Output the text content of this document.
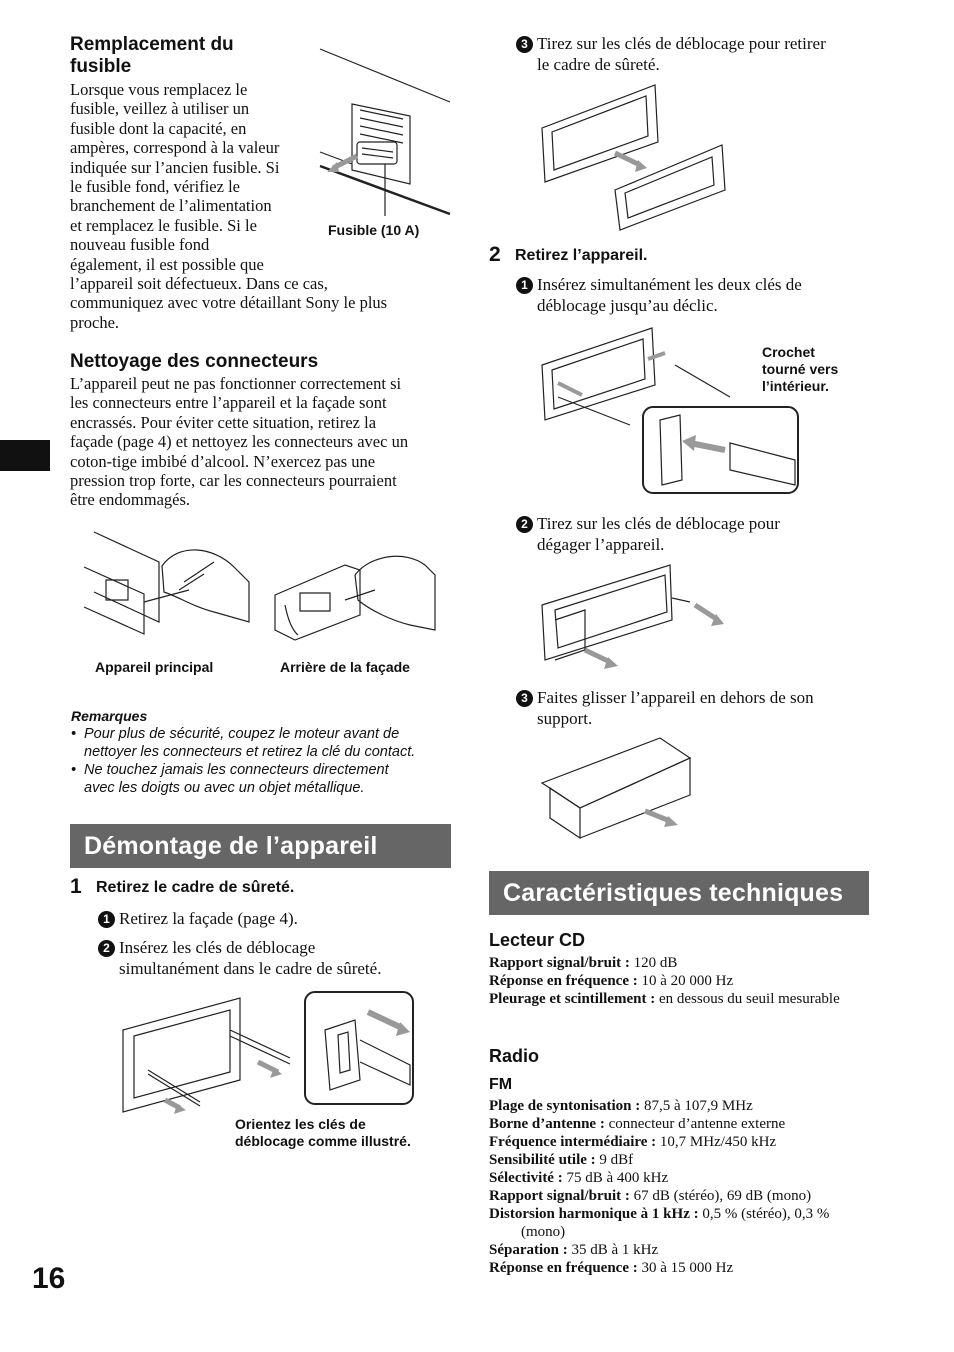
Remplacement du fusible
Lorsque vous remplacez le
fusible, veillez à utiliser un
fusible dont la capacité, en
ampères, correspond à la valeur
indiquée sur l’ancien fusible. Si
le fusible fond, vérifiez le
branchement de l’alimentation
et remplacez le fusible. Si le
nouveau fusible fond
également, il est possible que
l’appareil soit défectueux. Dans ce cas,
communiquez avec votre détaillant Sony le plus
proche.
Fusible (10 A)
Nettoyage des connecteurs
L’appareil peut ne pas fonctionner correctement si
les connecteurs entre l’appareil et la façade sont
encrassés. Pour éviter cette situation, retirez la
façade (page 4) et nettoyez les connecteurs avec un
coton-tige imbibé d’alcool. N’exercez pas une
pression trop forte, car les connecteurs pourraient
être endommagés.
Appareil principal	Arrière de la façade
Remarques
• Pour plus de sécurité, coupez le moteur avant de
nettoyer les connecteurs et retirez la clé du contact.
• Ne touchez jamais les connecteurs directement
avec les doigts ou avec un objet métallique.
Démontage de l’appareil
1 Retirez le cadre de sûreté.
1 Retirez la façade (page 4).
2 Insérez les clés de déblocage
simultanément dans le cadre de sûreté.
Orientez les clés de
déblocage comme illustré.
3 Tirez sur les clés de déblocage pour retirer
le cadre de sûreté.
2 Retirez l’appareil.
1 Insérez simultanément les deux clés de
déblocage jusqu’au déclic.
Crochet
tourné vers
l’intérieur.
2 Tirez sur les clés de déblocage pour
dégager l’appareil.
3 Faites glisser l’appareil en dehors de son
support.
Caractéristiques techniques
Lecteur CD
Rapport signal/bruit : 120 dB
Réponse en fréquence : 10 à 20 000 Hz
Pleurage et scintillement : en dessous du seuil mesurable
Radio
FM
Plage de syntonisation : 87,5 à 107,9 MHz
Borne d’antenne : connecteur d’antenne externe
Fréquence intermédiaire : 10,7 MHz/450 kHz
Sensibilité utile : 9 dBf
Sélectivité : 75 dB à 400 kHz
Rapport signal/bruit : 67 dB (stéréo), 69 dB (mono)
Distorsion harmonique à 1 kHz : 0,5 % (stéréo), 0,3 % (mono)
Séparation : 35 dB à 1 kHz
Réponse en fréquence : 30 à 15 000 Hz
16
